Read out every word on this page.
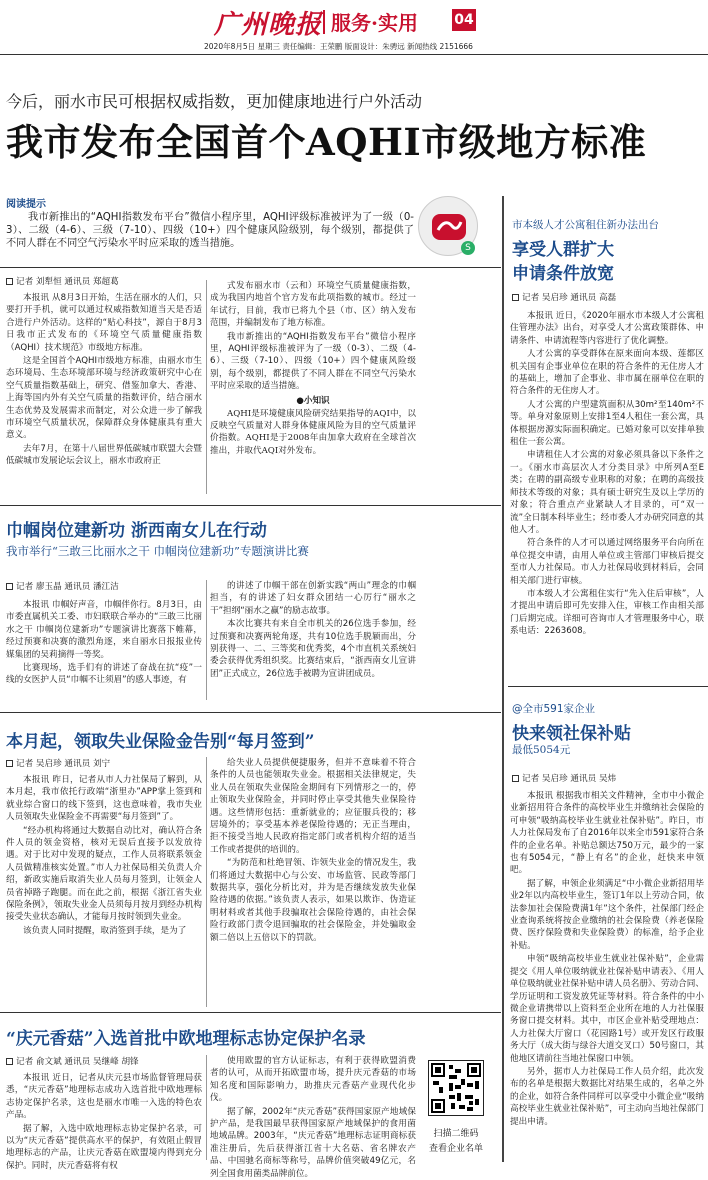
广州晚报 服务·实用	04
2020年8月5日 星期三 责任编辑：王荣鹏 版面设计：朱骋远 新闻热线 2151666
今后，丽水市民可根据权威指数，更加健康地进行户外活动
我市发布全国首个AQHI市级地方标准
阅读提示
我市新推出的“AQHI指数发布平台”微信小程序里，AQHI评级标准被评为了一级（0-3）、二级（4-6）、三级（7-10）、四级（10+）四个健康风险级别，每个级别，都提供了不同人群在不同空气污染水平时应采取的透当措施。	S
记者 刘犁恒 通讯员 郑超葛

本报讯 从8月3日开始，生活在丽水的人们，只要打开手机，就可以通过权威指数知道当天是否适合进行户外活动。这样的“贴心科技”，源自于8月3日我市正式发布的《环境空气质量健康指数（AQHI）技术规范》市级地方标准。

这是全国首个AQHI市级地方标准，由丽水市生态环境局、生态环境部环境与经济政策研究中心在空气质量指数基础上，研究、借鉴加拿大、香港、上海等国内外有关空气质量的指数评价，结合丽水生态优势及发展需求而制定，对公众进一步了解我市环境空气质量状况，保障群众身体健康具有重大意义。

去年7月，在第十八届世界低碳城市联盟大会暨低碳城市发展论坛会议上，丽水市政府正

式发布丽水市（云和）环境空气质量健康指数，成为我国内地首个官方发布此项指数的城市。经过一年试行，目前，我市已将九个县（市、区）纳入发布范围，并编制发布了地方标准。

我市新推出的“AQHI指数发布平台”微信小程序里，AQHI评级标准被评为了一级（0-3）、二级（4-6）、三级（7-10）、四级（10+）四个健康风险级别，每个级别，都提供了不同人群在不同空气污染水平时应采取的适当措施。

●小知识

AQHI是环境健康风险研究结果指导的AQI中，以反映空气质量对人群身体健康风险为目的空气质量评价指数。AQHI是于2008年由加拿大政府在全球首次推出，并取代AQI对外发布。

巾帼岗位建新功 浙西南女儿在行动
我市举行“三敢三比丽水之干 巾帼岗位建新功”专题演讲比赛
记者 廖玉晶 通讯员 潘江洁

本报讯 巾帼好声音，巾帼伴你行。8月3日，由市委直属机关工委、市妇联联合举办的“三敢三比丽水之干 巾帼岗位建新功”专题演讲比赛落下帷幕，经过预赛和决赛的激烈角逐，来自丽水日报报业传媒集团的吴莉摘得一等奖。

比赛现场，选手们有的讲述了奋战在抗“疫”一线的女医护人员“巾帼不让须眉”的感人事迹，有

的讲述了巾帼干部在创新实践“两山”理念的巾帼担当，有的讲述了妇女群众团结一心厉行“丽水之干”担纲“丽水之赢”的励志故事。

本次比赛共有来自全市机关的26位选手参加，经过预赛和决赛两轮角逐，共有10位选手脱颖而出，分别获得一、二、三等奖和优秀奖，4个市直机关系统妇委会获得优秀组织奖。比赛结束后，“浙西南女儿宣讲团”正式成立，26位选手被聘为宣讲团成员。

本月起，领取失业保险金告别“每月签到”
记者 吴启珍 通讯员 刘宁

本报讯 昨日，记者从市人力社保局了解到，从本月起，我市依托行政端“浙里办”APP掌上签到和就业综合窗口的线下签到，这也意味着，我市失业人员领取失业保险金不再需要“每月签到”了。

“经办机构将通过大数据自动比对，确认符合条件人员的领金资格，核对无误后直接予以发放待遇。对于比对中发现的疑点，工作人员将联系领金人员做精准核实处置。”市人力社保局相关负责人介绍，新政实施后取消失业人员每月签到，让领金人员省掉路子跑腿。而在此之前，根据《浙江省失业保险条例》，领取失业金人员须每月按月到经办机构接受失业状态确认，才能每月按时领到失业金。

该负责人同时提醒，取消签到手续，是为了

给失业人员提供便捷服务，但并不意味着不符合条件的人员也能领取失业金。根据相关法律规定，失业人员在领取失业保险金期间有下列情形之一的，停止领取失业保险金，并同时停止享受其他失业保险待遇。这些情形包括：重新就业的；应征服兵役的；移居境外的；享受基本养老保险待遇的；无正当理由，拒不接受当地人民政府指定部门或者机构介绍的适当工作或者提供的培训的。

“为防范和杜绝冒领、诈领失业金的情况发生，我们将通过大数据中心与公安、市场监管、民政等部门数据共享，强化分析比对，并为是否继续发放失业保险待遇的依据。”该负责人表示，如果以欺诈、伪造证明材料或者其他手段骗取社会保险待遇的，由社会保险行政部门责令退回骗取的社会保险金，并处骗取金额二倍以上五倍以下的罚款。

“庆元香菇”入选首批中欧地理标志协定保护名录
记者 俞文斌 通讯员 吴继峰 胡锋

本报讯 近日，记者从庆元县市场监督管理局获悉，“庆元香菇”地理标志成功入选首批中欧地理标志协定保护名录，这也是丽水市唯一入选的特色农产品。

据了解，入选中欧地理标志协定保护名录，可以为“庆元香菇”提供高水平的保护，有效阻止假冒地理标志的产品，让庆元香菇在欧盟境内得到充分保护。同时，庆元香菇将有权

使用欧盟的官方认证标志，有利于获得欧盟消费者的认可，从而开拓欧盟市场，提升庆元香菇的市场知名度和国际影响力，助推庆元香菇产业现代化步伐。

据了解，2002年“庆元香菇”获得国家原产地域保护产品，是我国最早获得国家原产地域保护的食用菌地域品牌。2003年，“庆元香菇”地理标志证明商标获准注册后，先后获得浙江省十大名菇、省名牌农产品、中国驰名商标等称号，品牌价值突破49亿元，名列全国食用菌类品牌前位。

市本级人才公寓租住新办法出台
享受人群扩大
申请条件放宽
记者 吴启珍 通讯员 高磊

本报讯 近日，《2020年丽水市本级人才公寓租住管理办法》出台，对享受人才公寓政策群体、申请条件、申请流程等内容进行了优化调整。

人才公寓的享受群体在原来面向本级、莲都区机关国有企事业单位在职的符合条件的无住房人才的基础上，增加了企事业、非市属在丽单位在职的符合条件的无住房人才。

人才公寓的户型建筑面积从30m²至140m²不等。单身对象原则上安排1至4人租住一套公寓，具体根据房源实际面积确定。已婚对象可以安排单独租住一套公寓。

申请租住人才公寓的对象必须具备以下条件之一。《丽水市高层次人才分类目录》中所列A至E类；在聘的副高级专业职称的对象；在聘的高级技师技术等级的对象；具有硕士研究生及以上学历的对象；符合重点产业紧缺人才目录的，可“双一流”全日制本科毕业生；经市委人才办研究同意的其他人才。

符合条件的人才可以通过网络服务平台向所在单位提交申请，由用人单位或主管部门审核后提交至市人力社保局。市人力社保局收到材料后，会同相关部门进行审核。

市本级人才公寓租住实行“先入住后审核”，人才提出申请后即可先安排入住，审核工作由相关部门后期完成。详细可咨询市人才管理服务中心，联系电话：2263608。

@全市591家企业
快来领社保补贴
最低5054元
记者 吴启珍 通讯员 吴炜

本报讯 根据我市相关文件精神，全市中小微企业新招用符合条件的高校毕业生并缴纳社会保险的可申领“吸纳高校毕业生就业社保补贴”。昨日，市人力社保局发布了自2016年以来全市591家符合条件的企业名单。补贴总额达750万元，最少的一家也有5054元，“静上有名”的企业，赶快来申领吧。

据了解，申领企业须满足“中小微企业新招用毕业2年以内高校毕业生，签订1年以上劳动合同，依法参加社会保险费满1年”这个条件，社保部门经企业查询系统将按企业缴纳的社会保险费（养老保险费、医疗保险费和失业保险费）的标准，给予企业补贴。

申领“吸纳高校毕业生就业社保补贴”，企业需提交《用人单位吸纳就业社保补贴申请表》、《用人单位吸纳就业社保补贴申请人员名册》、劳动合同、学历证明和工资发放凭证等材料。符合条件的中小微企业请携带以上资料至企业所在地的人力社保服务窗口提交材料。其中，市区企业补贴受理地点：人力社保大厅窗口（花园路1号）或开发区行政服务大厅（成大街与绿谷大道交叉口）50号窗口，其他地区请前往当地社保窗口申领。

另外，据市人力社保局工作人员介绍，此次发布的名单是根据大数据比对结果生成的，名单之外的企业，如符合条件同样可以享受中小微企业“吸纳高校毕业生就业社保补贴”，可主动向当地社保部门提出申请。

扫描二维码
查看企业名单
